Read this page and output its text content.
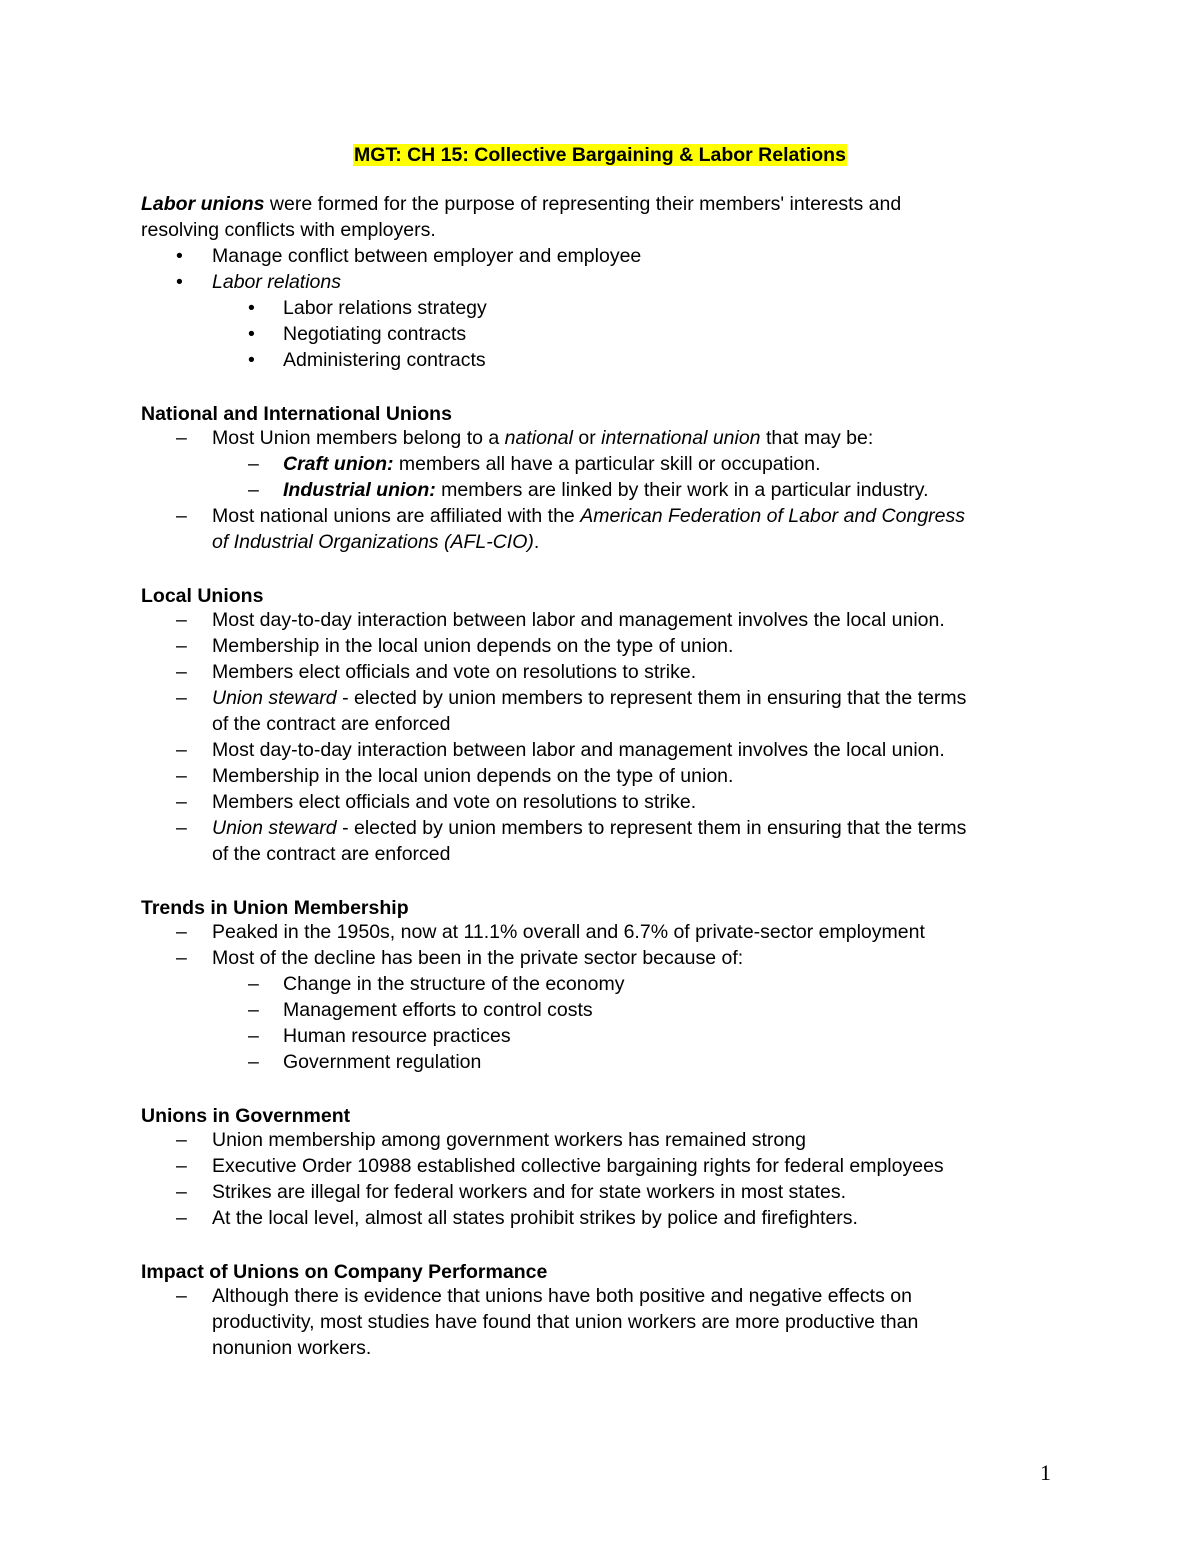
MGT: CH 15: Collective Bargaining & Labor Relations
Labor unions were formed for the purpose of representing their members' interests and
resolving conflicts with employers.
• Manage conflict between employer and employee
• Labor relations
• Labor relations strategy
• Negotiating contracts
• Administering contracts
National and International Unions
– Most Union members belong to a national or international union that may be:
– Craft union: members all have a particular skill or occupation.
– Industrial union: members are linked by their work in a particular industry.
– Most national unions are affiliated with the American Federation of Labor and Congress
of Industrial Organizations (AFL-CIO).
Local Unions
– Most day-to-day interaction between labor and management involves the local union.
– Membership in the local union depends on the type of union.
– Members elect officials and vote on resolutions to strike.
– Union steward - elected by union members to represent them in ensuring that the terms
of the contract are enforced
– Most day-to-day interaction between labor and management involves the local union.
– Membership in the local union depends on the type of union.
– Members elect officials and vote on resolutions to strike.
– Union steward - elected by union members to represent them in ensuring that the terms
of the contract are enforced
Trends in Union Membership
– Peaked in the 1950s, now at 11.1% overall and 6.7% of private-sector employment
– Most of the decline has been in the private sector because of:
– Change in the structure of the economy
– Management efforts to control costs
– Human resource practices
– Government regulation
Unions in Government
– Union membership among government workers has remained strong
– Executive Order 10988 established collective bargaining rights for federal employees
– Strikes are illegal for federal workers and for state workers in most states.
– At the local level, almost all states prohibit strikes by police and firefighters.
Impact of Unions on Company Performance
– Although there is evidence that unions have both positive and negative effects on
productivity, most studies have found that union workers are more productive than
nonunion workers.
1
